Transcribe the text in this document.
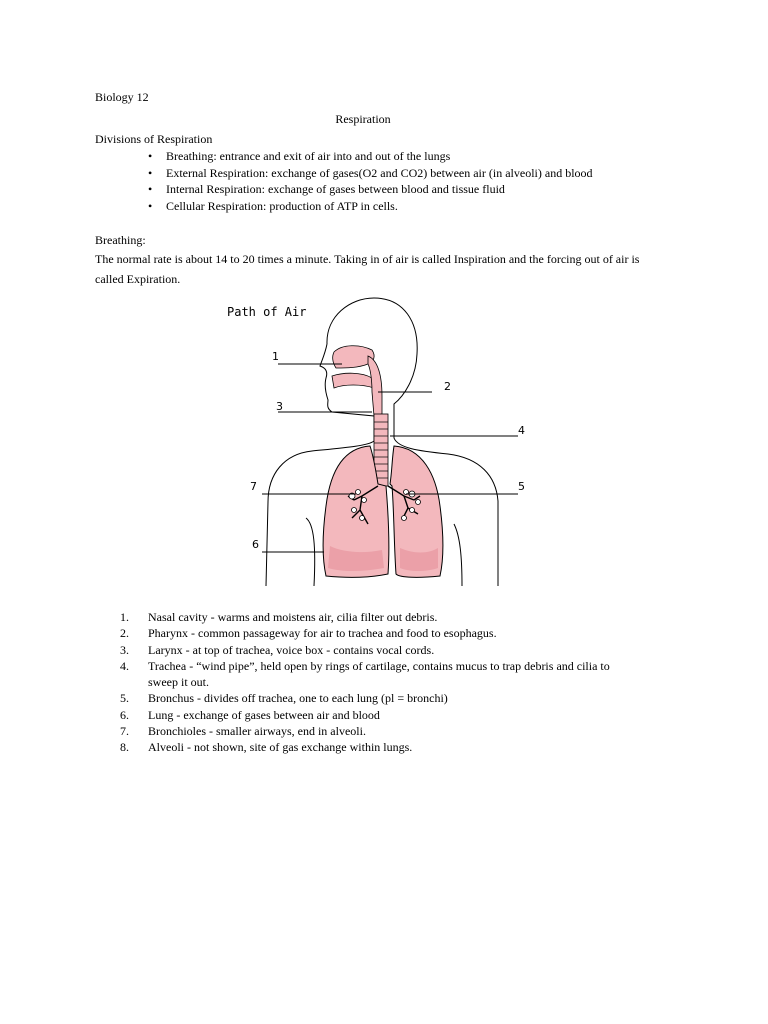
Biology 12
Respiration
Divisions of Respiration
• Breathing: entrance and exit of air into and out of the lungs
• External Respiration: exchange of gases(O2 and CO2) between air (in alveoli) and blood
• Internal Respiration: exchange of gases between blood and tissue fluid
• Cellular Respiration: production of ATP in cells.
Breathing:
The normal rate is about 14 to 20 times a minute. Taking in of air is called Inspiration and the forcing out of air is called Expiration.
Path of Air
1
2
3
4
5
6
7
1. Nasal cavity - warms and moistens air, cilia filter out debris.
2. Pharynx - common passageway for air to trachea and food to esophagus.
3. Larynx - at top of trachea, voice box - contains vocal cords.
4. Trachea - “wind pipe”, held open by rings of cartilage, contains mucus to trap debris and cilia to sweep it out.
5. Bronchus - divides off trachea, one to each lung (pl = bronchi)
6. Lung - exchange of gases between air and blood
7. Bronchioles - smaller airways, end in alveoli.
8. Alveoli - not shown, site of gas exchange within lungs.
